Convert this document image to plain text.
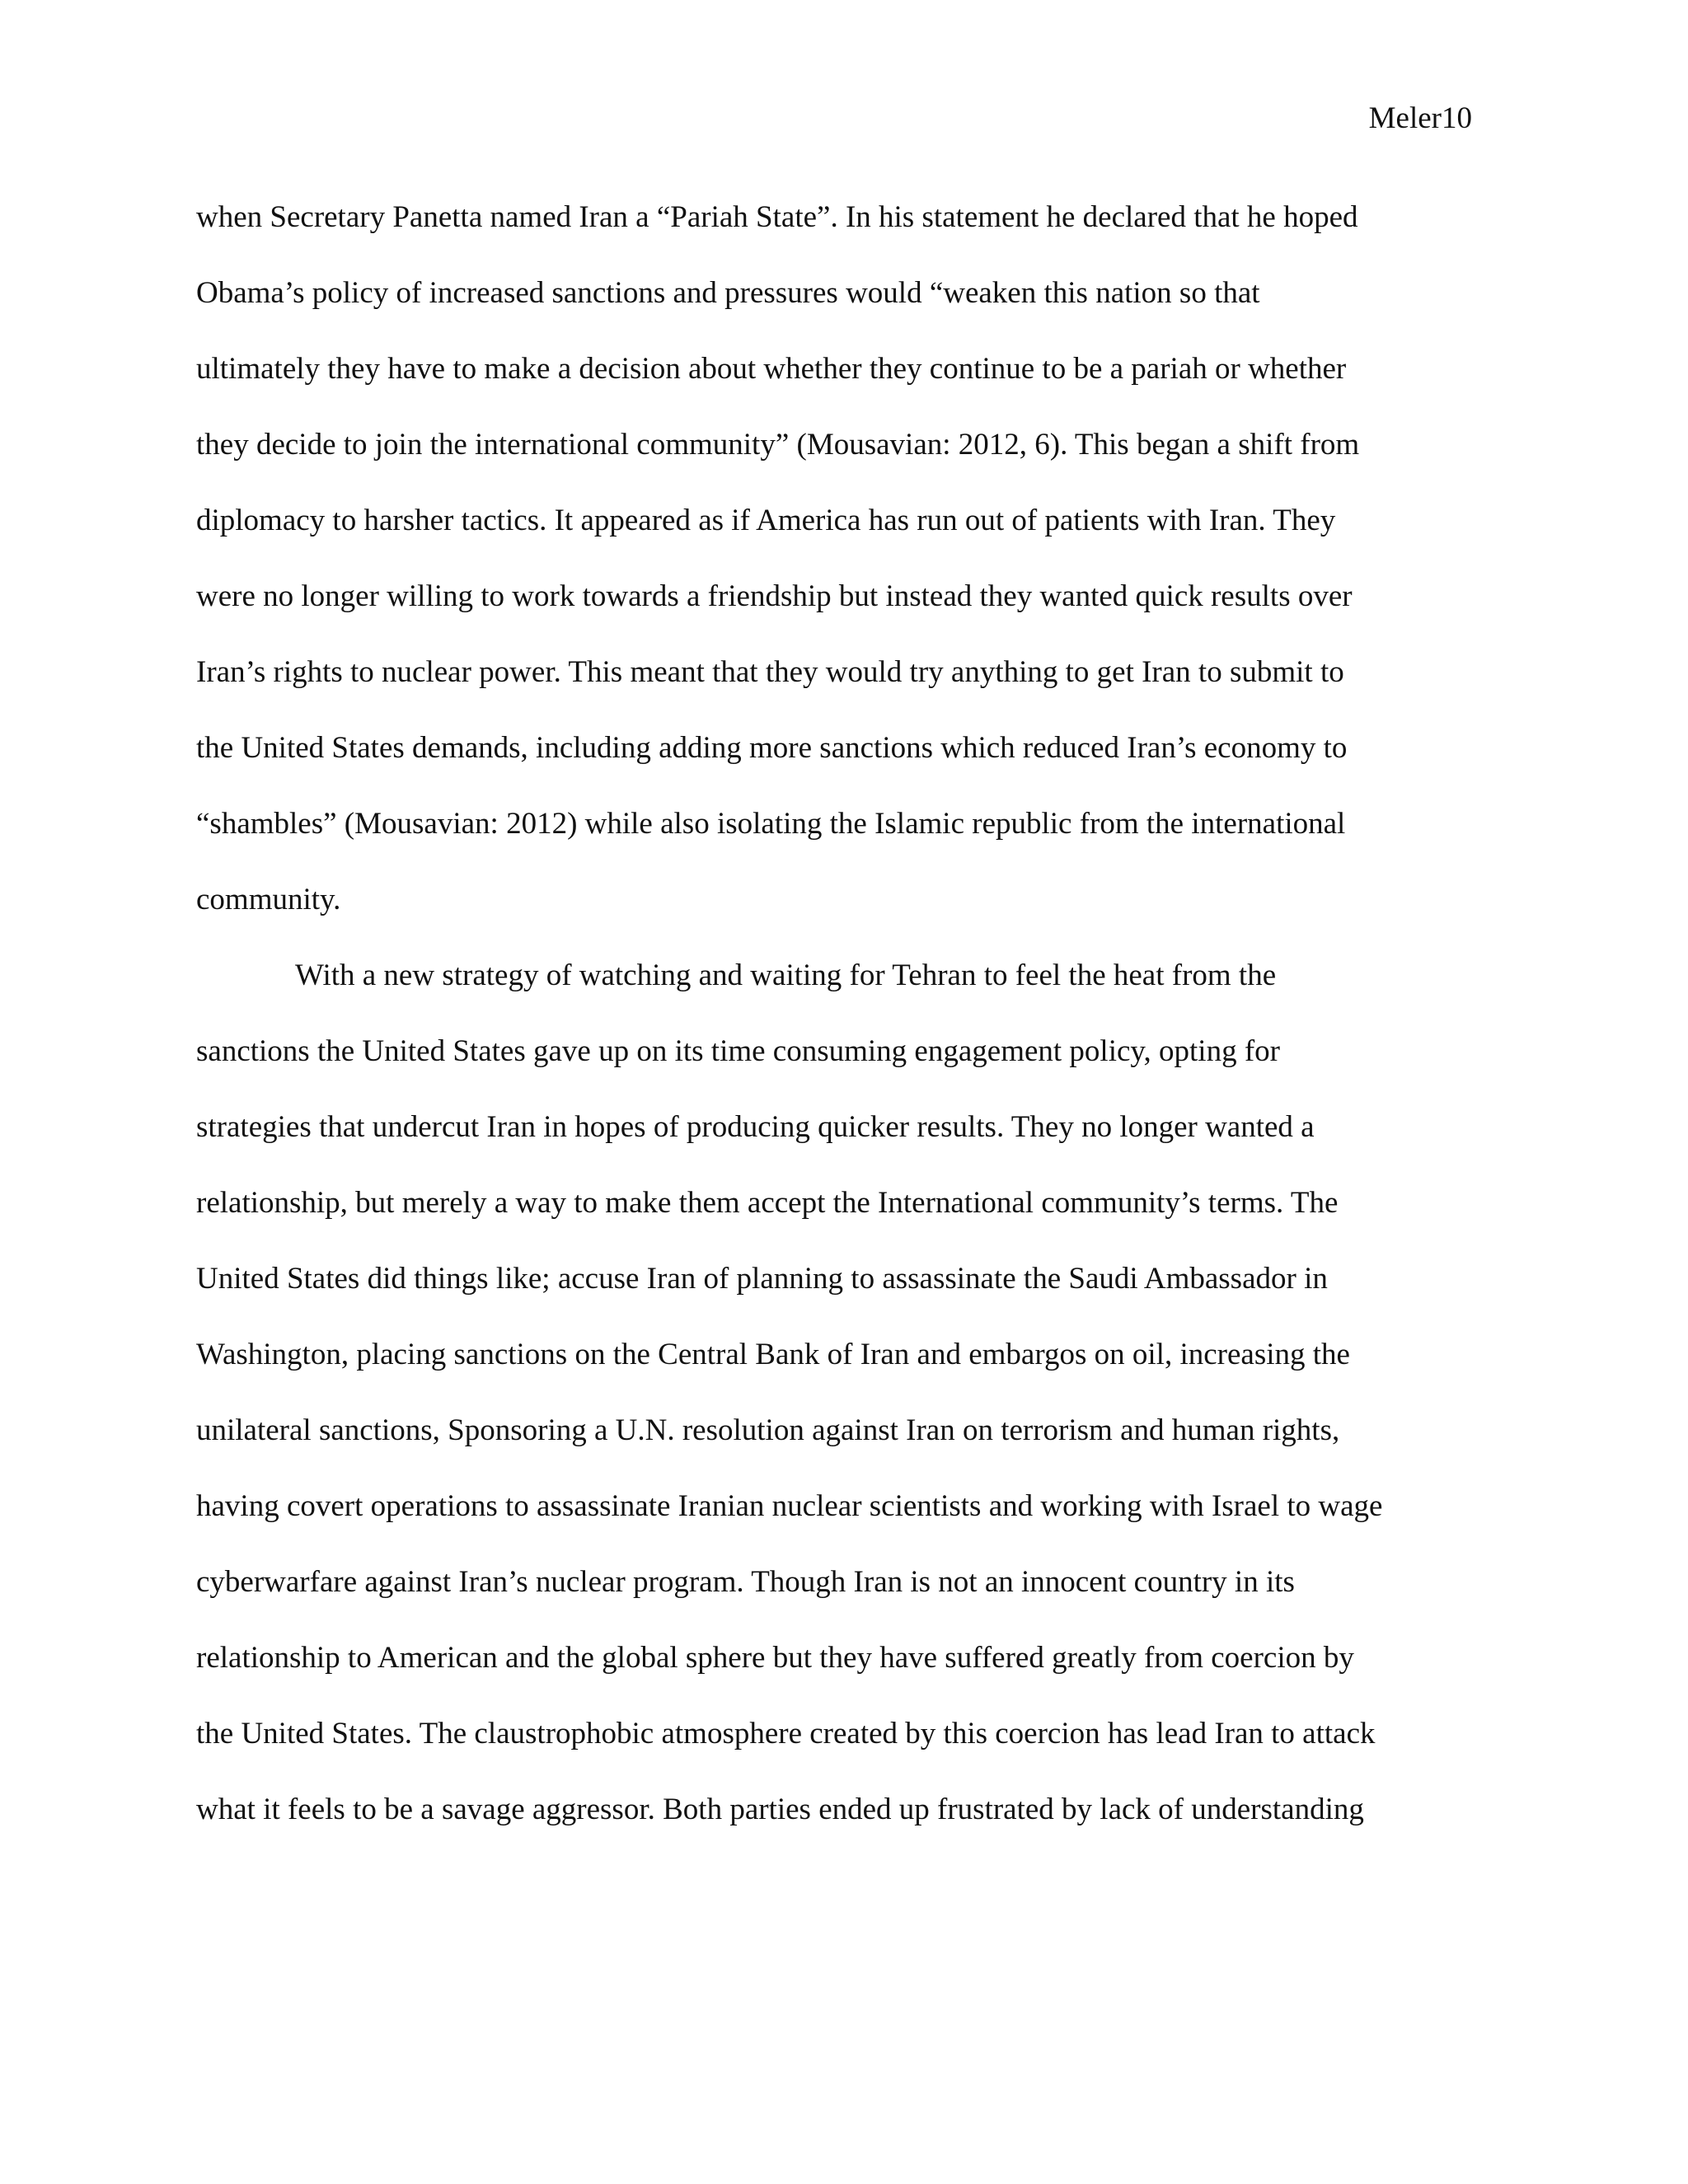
Meler10
when Secretary Panetta named Iran a “Pariah State”. In his statement he declared that he hoped
Obama’s policy of increased sanctions and pressures would “weaken this nation so that
ultimately they have to make a decision about whether they continue to be a pariah or whether
they decide to join the international community” (Mousavian: 2012, 6). This began a shift from
diplomacy to harsher tactics. It appeared as if America has run out of patients with Iran. They
were no longer willing to work towards a friendship but instead they wanted quick results over
Iran’s rights to nuclear power. This meant that they would try anything to get Iran to submit to
the United States demands, including adding more sanctions which reduced Iran’s economy to
“shambles” (Mousavian: 2012) while also isolating the Islamic republic from the international
community.
With a new strategy of watching and waiting for Tehran to feel the heat from the
sanctions the United States gave up on its time consuming engagement policy, opting for
strategies that undercut Iran in hopes of producing quicker results. They no longer wanted a
relationship, but merely a way to make them accept the International community’s terms. The
United States did things like; accuse Iran of planning to assassinate the Saudi Ambassador in
Washington, placing sanctions on the Central Bank of Iran and embargos on oil, increasing the
unilateral sanctions, Sponsoring a U.N. resolution against Iran on terrorism and human rights,
having covert operations to assassinate Iranian nuclear scientists and working with Israel to wage
cyberwarfare against Iran’s nuclear program. Though Iran is not an innocent country in its
relationship to American and the global sphere but they have suffered greatly from coercion by
the United States. The claustrophobic atmosphere created by this coercion has lead Iran to attack
what it feels to be a savage aggressor. Both parties ended up frustrated by lack of understanding
